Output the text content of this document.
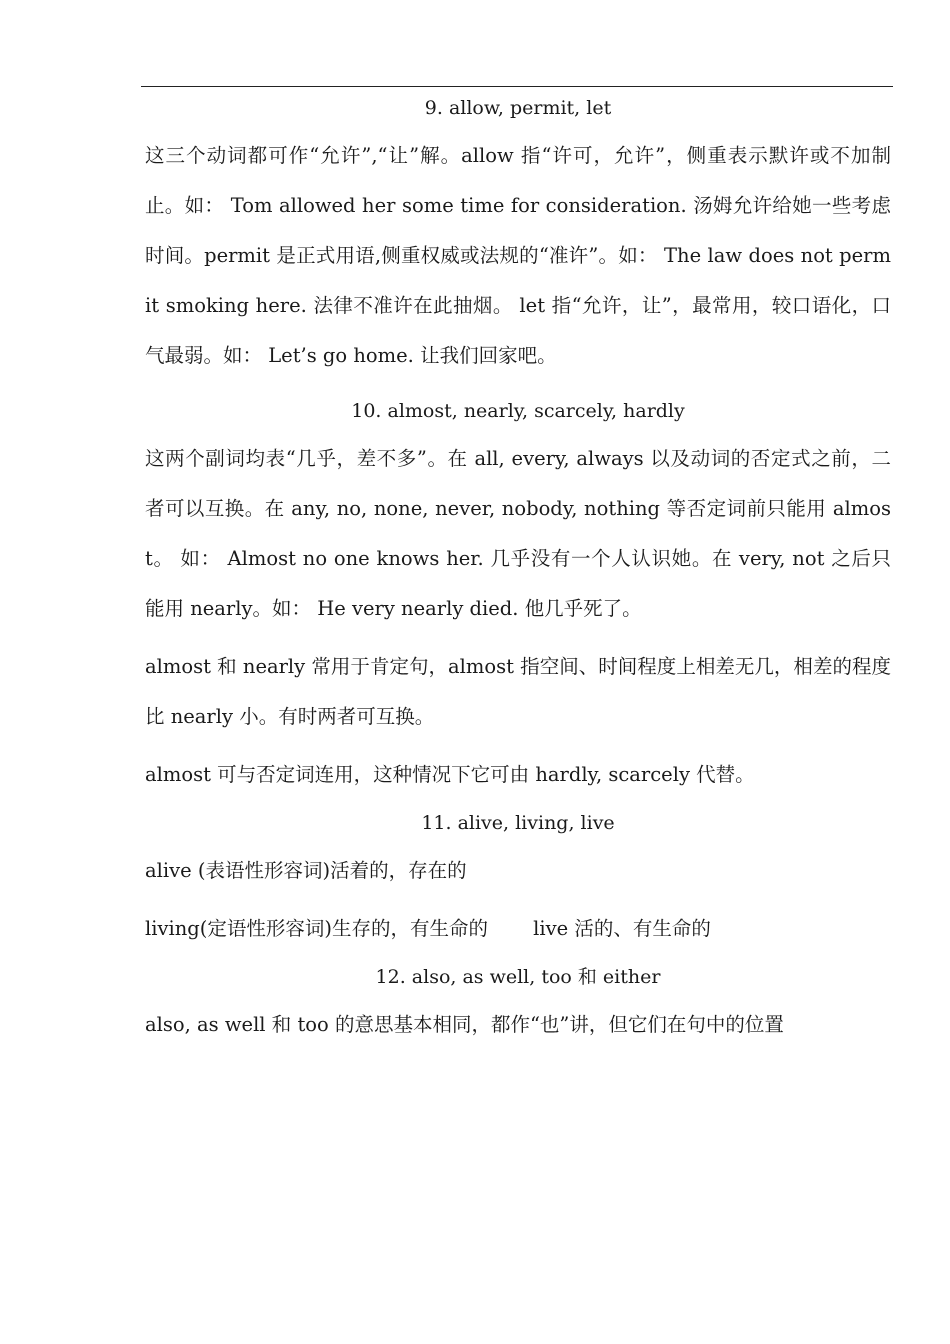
9. allow, permit, let

这三个动词都可作“允许”,“让”解。allow 指“许可，允许”，侧重表示默许或不加制止。如： Tom allowed her some time for consideration. 汤姆允许给她一些考虑时间。permit 是正式用语,侧重权威或法规的“准许”。如： The law does not permit smoking here. 法律不准许在此抽烟。 let 指“允许，让”，最常用，较口语化，口气最弱。如： Let’s go home. 让我们回家吧。

10. almost, nearly, scarcely, hardly

这两个副词均表“几乎，差不多”。在 all, every, always 以及动词的否定式之前，二者可以互换。在 any, no, none, never, nobody, nothing 等否定词前只能用 almost。 如： Almost no one knows her. 几乎没有一个人认识她。在 very, not 之后只能用 nearly。如： He very nearly died. 他几乎死了。

almost 和 nearly 常用于肯定句，almost 指空间、时间程度上相差无几，相差的程度比 nearly 小。有时两者可互换。

almost 可与否定词连用，这种情况下它可由 hardly, scarcely 代替。

11. alive, living, live

alive (表语性形容词)活着的，存在的

living(定语性形容词)生存的，有生命的　　 live 活的、有生命的

12. also, as well, too 和 either

also, as well 和 too 的意思基本相同，都作“也”讲，但它们在句中的位置
